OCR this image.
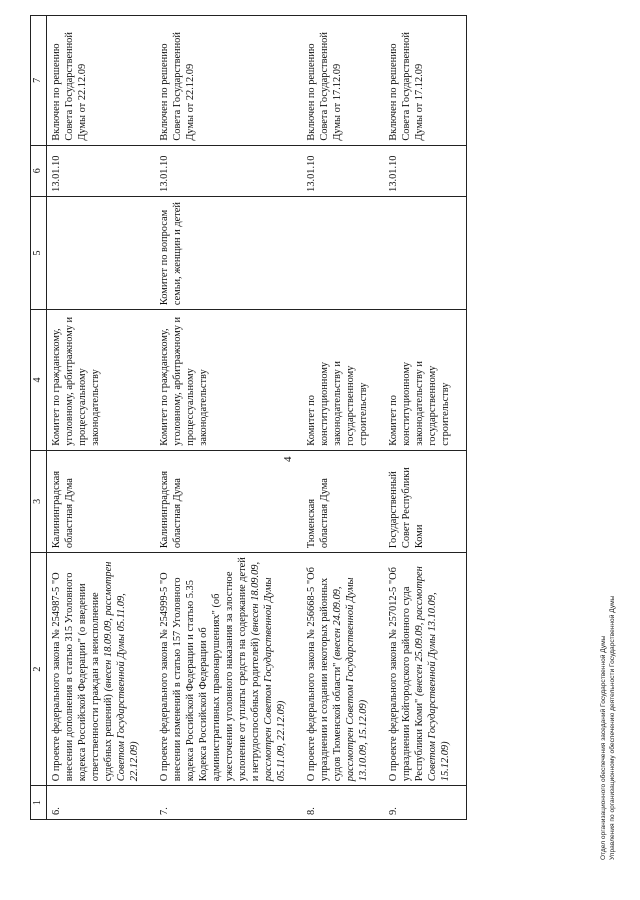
4
1	2	3	4	5	6	7
6.	О проекте федерального закона № 254987-5 "О внесении дополнения в статью 315 Уголовного кодекса Российской Федерации" (о введении ответственности граждан за неисполнение судебных решений) (внесен 18.09.09, рассмотрен Советом Государственной Думы 05.11.09, 22.12.09)	Калининградская областная Дума	Комитет по гражданскому, уголовному, арбитражному и процессуальному законодательству		13.01.10	Включен по решению Совета Государственной Думы от 22.12.09
7.	О проекте федерального закона № 254999-5 "О внесении изменений в статью 157 Уголовного кодекса Российской Федерации и статью 5.35 Кодекса Российской Федерации об административных правонарушениях" (об ужесточении уголовного наказания за злостное уклонение от уплаты средств на содержание детей и нетрудоспособных родителей) (внесен 18.09.09, рассмотрен Советом Государственной Думы 05.11.09, 22.12.09)	Калининградская областная Дума	Комитет по гражданскому, уголовному, арбитражному и процессуальному законодательству	Комитет по вопросам семьи, женщин и детей	13.01.10	Включен по решению Совета Государственной Думы от 22.12.09
8.	О проекте федерального закона № 256668-5 "Об упразднении и создании некоторых районных судов Тюменской области" (внесен 24.09.09, рассмотрен Советом Государственной Думы 13.10.09, 15.12.09)	Тюменская областная Дума	Комитет по конституционному законодательству и государственному строительству		13.01.10	Включен по решению Совета Государственной Думы от 17.12.09
9.	О проекте федерального закона № 257012-5 "Об упразднении Койгородского районного суда Республики Коми" (внесен 25.09.09, рассмотрен Советом Государственной Думы 13.10.09, 15.12.09)	Государственный Совет Республики Коми	Комитет по конституционному законодательству и государственному строительству		13.01.10	Включен по решению Совета Государственной Думы от 17.12.09
Отдел организационного обеспечения заседаний Государственной Думы Управления по организационному обеспечению деятельности Государственной Думы
